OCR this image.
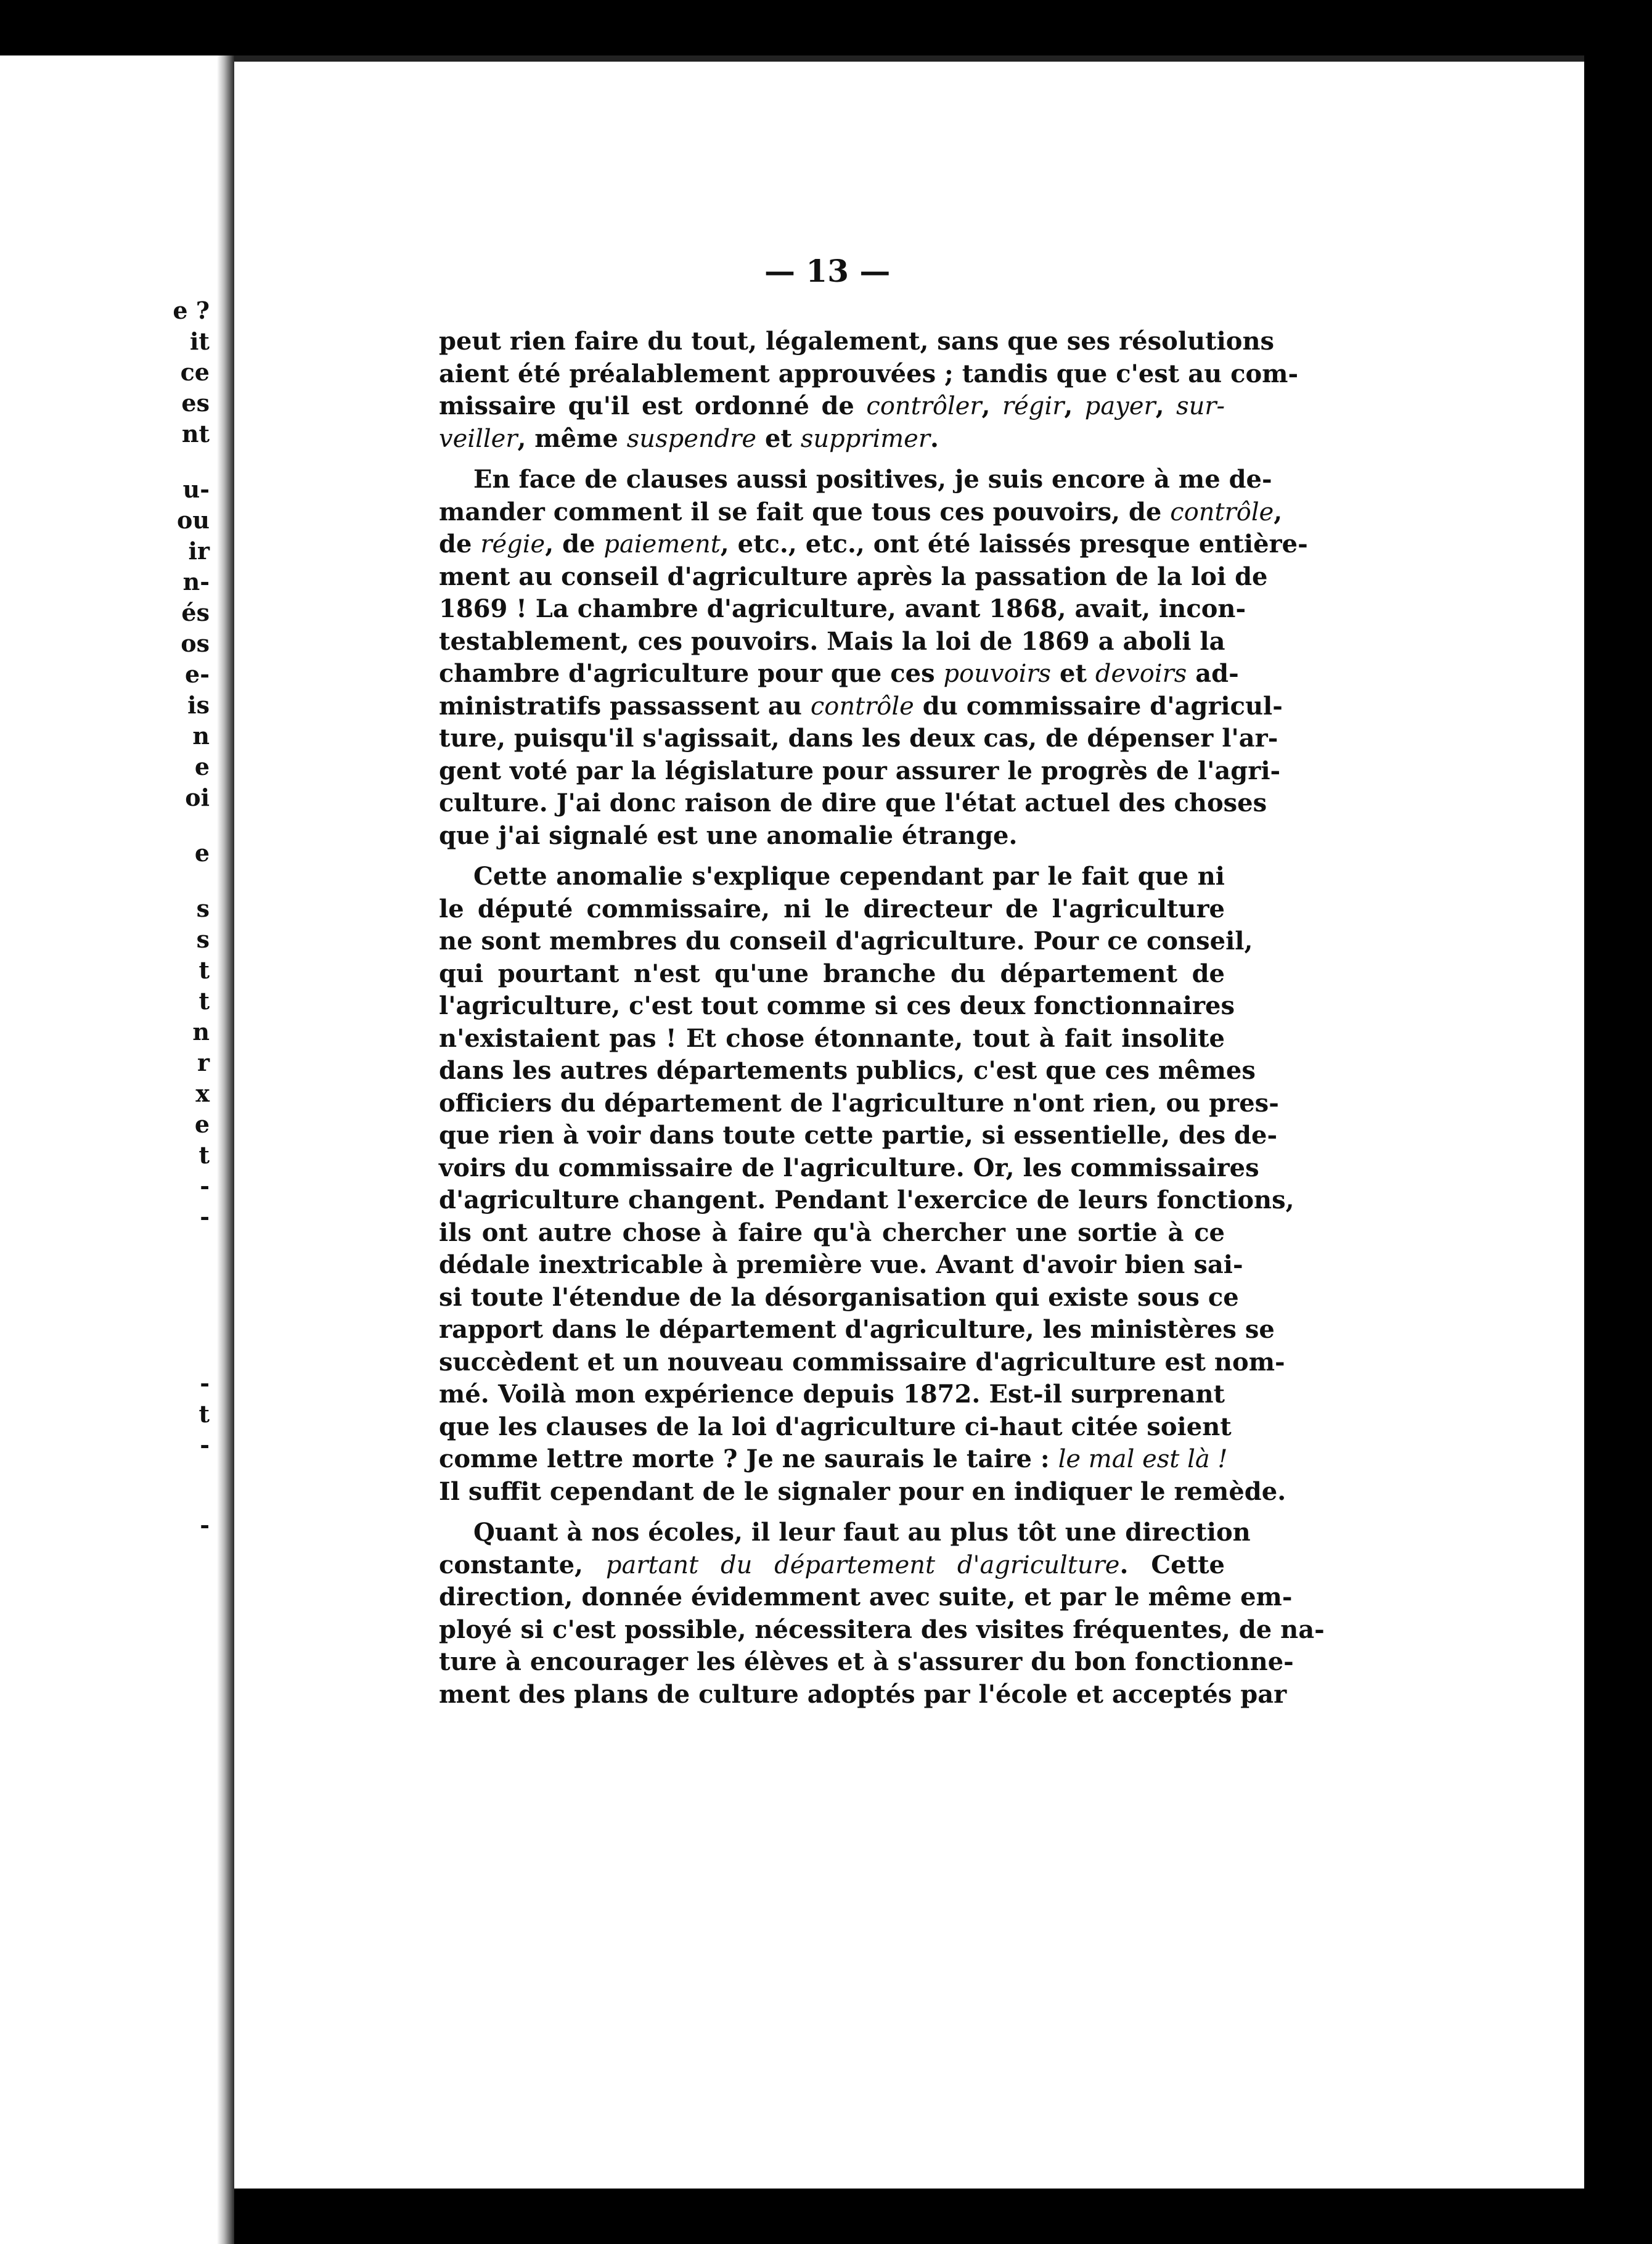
e ?
it
ce
es
nt
u-
ou
ir
n-
és
os
e-
is
n
e
oi
e
s
s
t
t
n
r
x
e
t
-
-
-
t
-
-
— 13 —
peut rien faire du tout, légalement, sans que ses résolutions
aient été préalablement approuvées ; tandis que c'est au com-
missaire qu'il est ordonné de contrôler, régir, payer, sur-
veiller, même suspendre et supprimer.
En face de clauses aussi positives, je suis encore à me de-
mander comment il se fait que tous ces pouvoirs, de contrôle,
de régie, de paiement, etc., etc., ont été laissés presque entière-
ment au conseil d'agriculture après la passation de la loi de
1869 ! La chambre d'agriculture, avant 1868, avait, incon-
testablement, ces pouvoirs. Mais la loi de 1869 a aboli la
chambre d'agriculture pour que ces pouvoirs et devoirs ad-
ministratifs passassent au contrôle du commissaire d'agricul-
ture, puisqu'il s'agissait, dans les deux cas, de dépenser l'ar-
gent voté par la législature pour assurer le progrès de l'agri-
culture. J'ai donc raison de dire que l'état actuel des choses
que j'ai signalé est une anomalie étrange.
Cette anomalie s'explique cependant par le fait que ni
le député commissaire, ni le directeur de l'agriculture
ne sont membres du conseil d'agriculture. Pour ce conseil,
qui pourtant n'est qu'une branche du département de
l'agriculture, c'est tout comme si ces deux fonctionnaires
n'existaient pas ! Et chose étonnante, tout à fait insolite
dans les autres départements publics, c'est que ces mêmes
officiers du département de l'agriculture n'ont rien, ou pres-
que rien à voir dans toute cette partie, si essentielle, des de-
voirs du commissaire de l'agriculture. Or, les commissaires
d'agriculture changent. Pendant l'exercice de leurs fonctions,
ils ont autre chose à faire qu'à chercher une sortie à ce
dédale inextricable à première vue. Avant d'avoir bien sai-
si toute l'étendue de la désorganisation qui existe sous ce
rapport dans le département d'agriculture, les ministères se
succèdent et un nouveau commissaire d'agriculture est nom-
mé. Voilà mon expérience depuis 1872. Est-il surprenant
que les clauses de la loi d'agriculture ci-haut citée soient
comme lettre morte ? Je ne saurais le taire : le mal est là !
Il suffit cependant de le signaler pour en indiquer le remède.
Quant à nos écoles, il leur faut au plus tôt une direction
constante, partant du département d'agriculture. Cette
direction, donnée évidemment avec suite, et par le même em-
ployé si c'est possible, nécessitera des visites fréquentes, de na-
ture à encourager les élèves et à s'assurer du bon fonctionne-
ment des plans de culture adoptés par l'école et acceptés par
